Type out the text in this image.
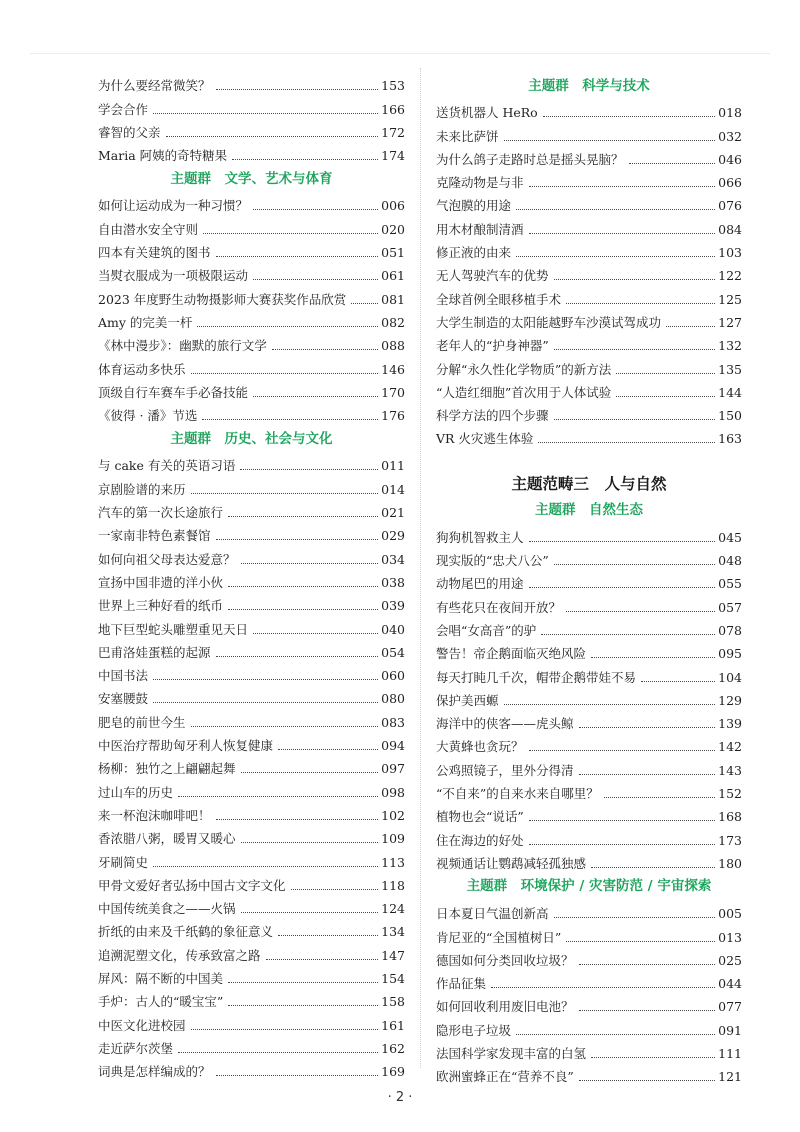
为什么要经常微笑？	153
学会合作	166
睿智的父亲	172
Maria 阿姨的奇特糖果	174
主题群　文学、艺术与体育
如何让运动成为一种习惯？	006
自由潜水安全守则	020
四本有关建筑的图书	051
当熨衣服成为一项极限运动	061
2023 年度野生动物摄影师大赛获奖作品欣赏	081
Amy 的完美一杆	082
《林中漫步》：幽默的旅行文学	088
体育运动多快乐	146
顶级自行车赛车手必备技能	170
《彼得 · 潘》节选	176
主题群　历史、社会与文化
与 cake 有关的英语习语	011
京剧脸谱的来历	014
汽车的第一次长途旅行	021
一家南非特色素餐馆	029
如何向祖父母表达爱意？	034
宣扬中国非遗的洋小伙	038
世界上三种好看的纸币	039
地下巨型蛇头雕塑重见天日	040
巴甫洛娃蛋糕的起源	054
中国书法	060
安塞腰鼓	080
肥皂的前世今生	083
中医治疗帮助匈牙利人恢复健康	094
杨柳：独竹之上翩翩起舞	097
过山车的历史	098
来一杯泡沫咖啡吧！	102
香浓腊八粥，暖胃又暖心	109
牙刷简史	113
甲骨文爱好者弘扬中国古文字文化	118
中国传统美食之——火锅	124
折纸的由来及千纸鹤的象征意义	134
追溯泥塑文化，传承致富之路	147
屏风：隔不断的中国美	154
手炉：古人的“暖宝宝”	158
中医文化进校园	161
走近萨尔茨堡	162
词典是怎样编成的？	169
主题群　科学与技术
送货机器人 HeRo	018
未来比萨饼	032
为什么鸽子走路时总是摇头晃脑？	046
克隆动物是与非	066
气泡膜的用途	076
用木材酿制清酒	084
修正液的由来	103
无人驾驶汽车的优势	122
全球首例全眼移植手术	125
大学生制造的太阳能越野车沙漠试驾成功	127
老年人的“护身神器”	132
分解“永久性化学物质”的新方法	135
“人造红细胞”首次用于人体试验	144
科学方法的四个步骤	150
VR 火灾逃生体验	163
主题范畴三　人与自然
主题群　自然生态
狗狗机智救主人	045
现实版的“忠犬八公”	048
动物尾巴的用途	055
有些花只在夜间开放？	057
会唱“女高音”的驴	078
警告！帝企鹅面临灭绝风险	095
每天打盹几千次，帽带企鹅带娃不易	104
保护美西螈	129
海洋中的侠客——虎头鲸	139
大黄蜂也贪玩？	142
公鸡照镜子，里外分得清	143
“不自来”的自来水来自哪里？	152
植物也会“说话”	168
住在海边的好处	173
视频通话让鹦鹉减轻孤独感	180
主题群　环境保护 / 灾害防范 / 宇宙探索
日本夏日气温创新高	005
肯尼亚的“全国植树日”	013
德国如何分类回收垃圾？	025
作品征集	044
如何回收利用废旧电池？	077
隐形电子垃圾	091
法国科学家发现丰富的白氢	111
欧洲蜜蜂正在“营养不良”	121
· 2 ·
